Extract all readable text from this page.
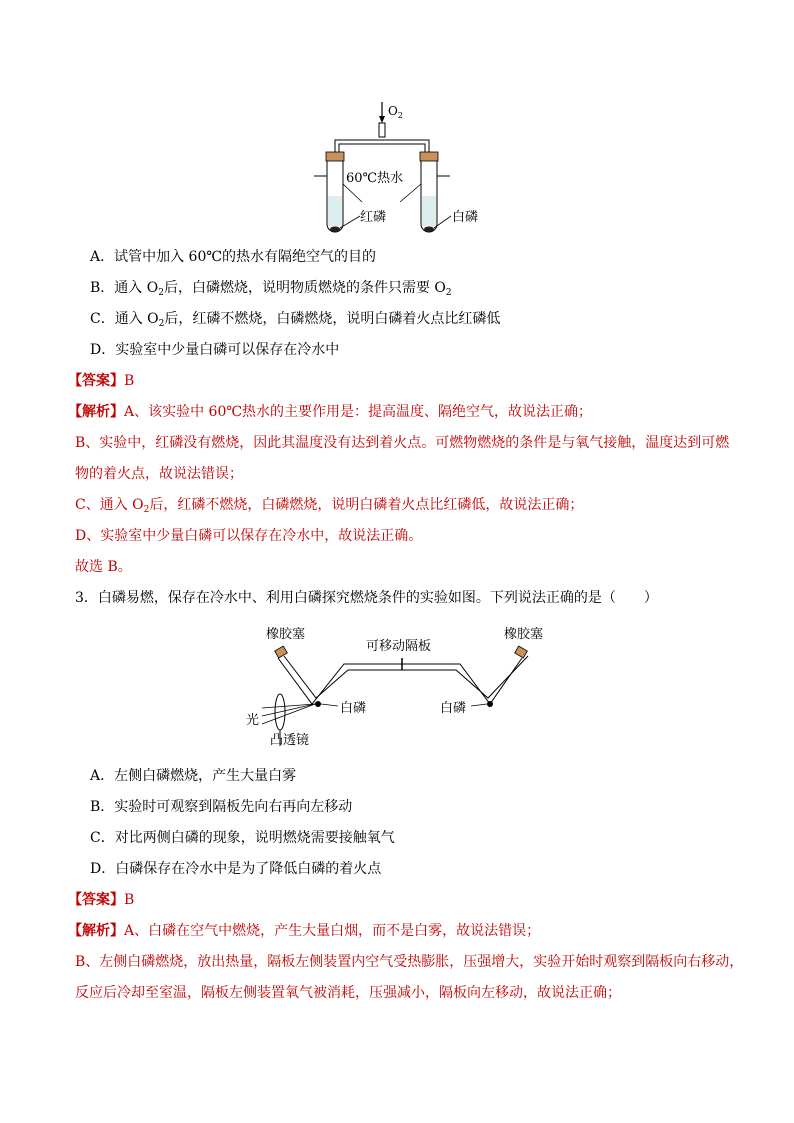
$O_2$
60℃热水
红磷	白磷
A．试管中加入 60℃的热水有隔绝空气的目的
B．通入 $O_2$后，白磷燃烧，说明物质燃烧的条件只需要 $O_2$
C．通入 $O_2$后，红磷不燃烧，白磷燃烧，说明白磷着火点比红磷低
D．实验室中少量白磷可以保存在冷水中
【答案】B
【解析】A、该实验中 60℃热水的主要作用是：提高温度、隔绝空气，故说法正确；
B、实验中，红磷没有燃烧，因此其温度没有达到着火点。可燃物燃烧的条件是与氧气接触，温度达到可燃
物的着火点，故说法错误；
C、通入 $O_2$后，红磷不燃烧，白磷燃烧，说明白磷着火点比红磷低，故说法正确；
D、实验室中少量白磷可以保存在冷水中，故说法正确。
故选 B。
3．白磷易燃，保存在冷水中、利用白磷探究燃烧条件的实验如图。下列说法正确的是（　　）
橡胶塞	橡胶塞
可移动隔板
白磷	白磷
光
凸透镜
A．左侧白磷燃烧，产生大量白雾
B．实验时可观察到隔板先向右再向左移动
C．对比两侧白磷的现象，说明燃烧需要接触氧气
D．白磷保存在冷水中是为了降低白磷的着火点
【答案】B
【解析】A、白磷在空气中燃烧，产生大量白烟，而不是白雾，故说法错误；
B、左侧白磷燃烧，放出热量，隔板左侧装置内空气受热膨胀，压强增大，实验开始时观察到隔板向右移动，
反应后冷却至室温，隔板左侧装置氧气被消耗，压强减小，隔板向左移动，故说法正确；
